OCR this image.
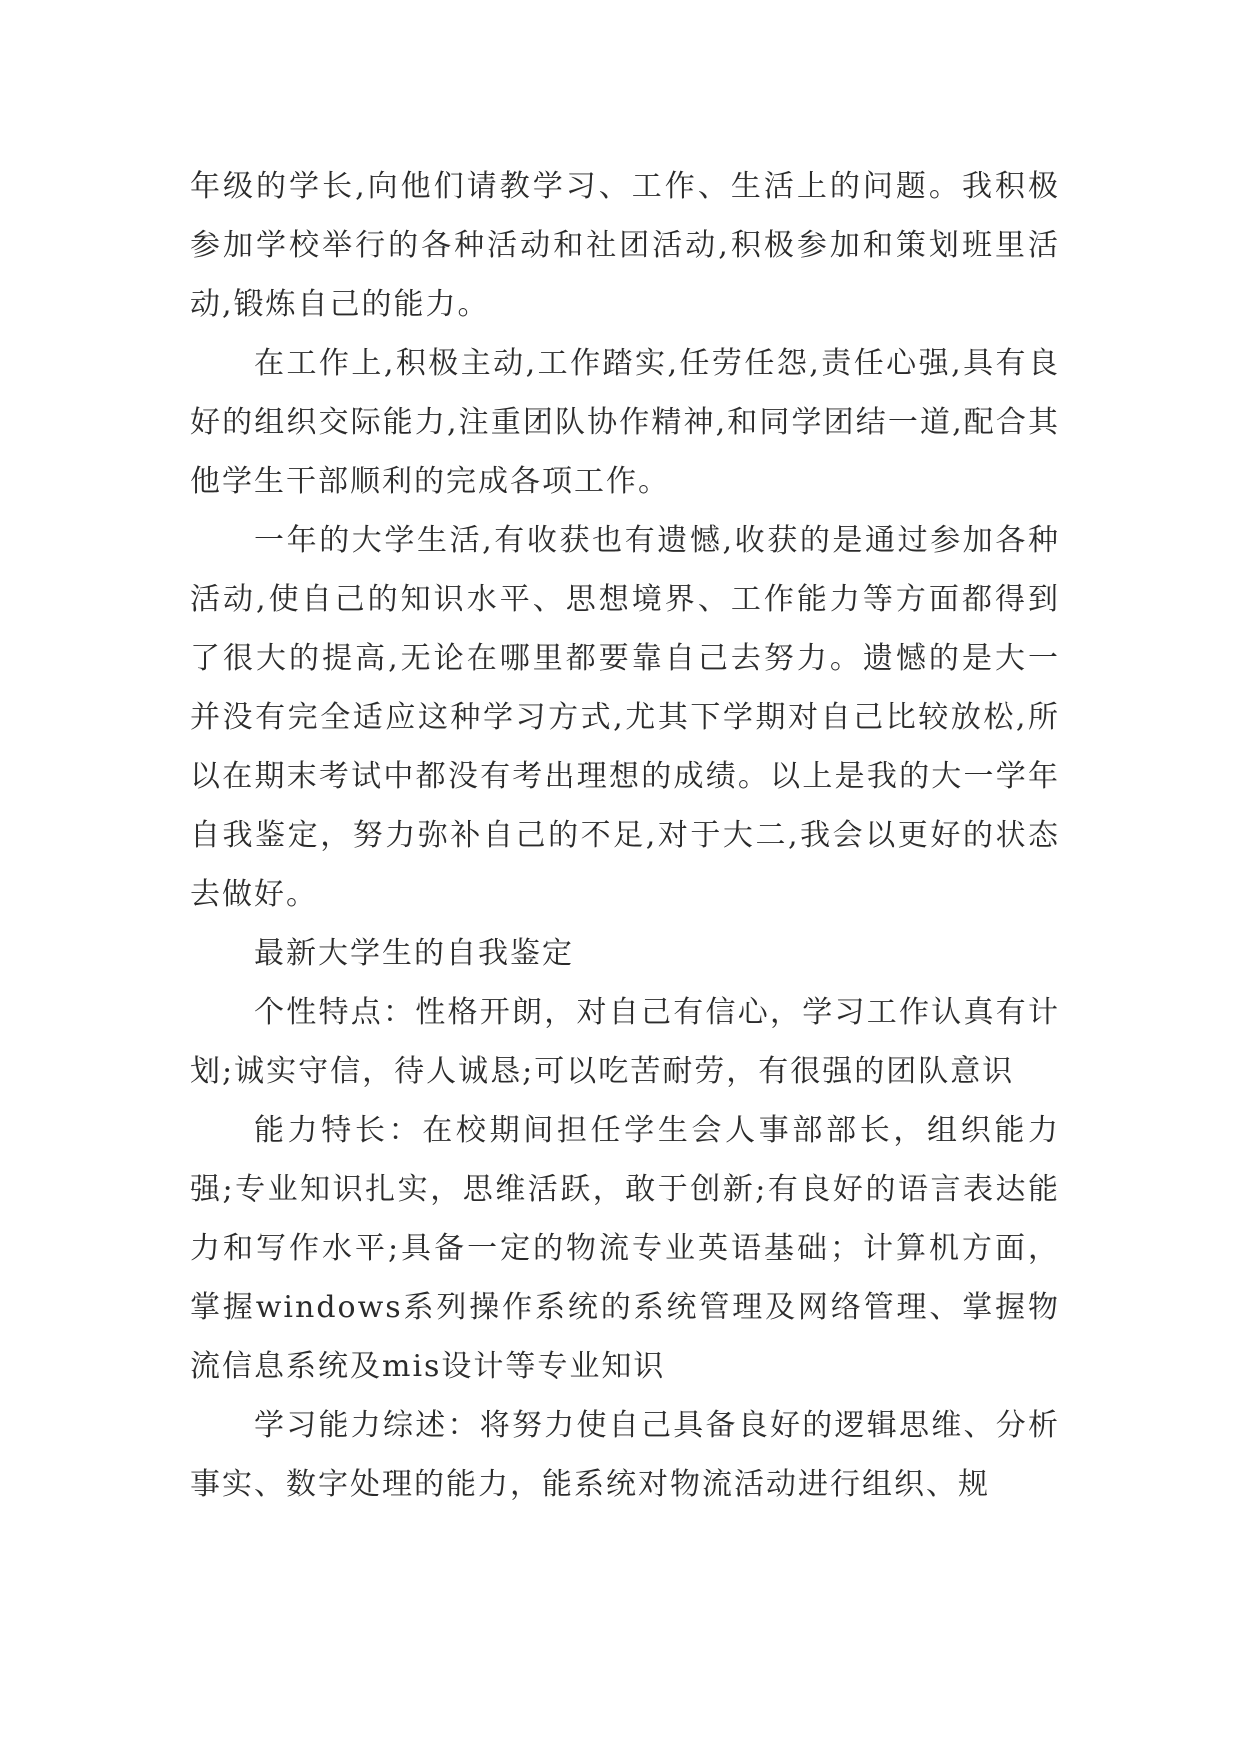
年级的学长,向他们请教学习、工作、生活上的问题。我积极参加学校举行的各种活动和社团活动,积极参加和策划班里活动,锻炼自己的能力。

在工作上,积极主动,工作踏实,任劳任怨,责任心强,具有良好的组织交际能力,注重团队协作精神,和同学团结一道,配合其他学生干部顺利的完成各项工作。

一年的大学生活,有收获也有遗憾,收获的是通过参加各种活动,使自己的知识水平、思想境界、工作能力等方面都得到了很大的提高,无论在哪里都要靠自己去努力。遗憾的是大一并没有完全适应这种学习方式,尤其下学期对自己比较放松,所以在期末考试中都没有考出理想的成绩。以上是我的大一学年自我鉴定，努力弥补自己的不足,对于大二,我会以更好的状态去做好。

最新大学生的自我鉴定

个性特点：性格开朗，对自己有信心，学习工作认真有计划;诚实守信，待人诚恳;可以吃苦耐劳，有很强的团队意识

能力特长：在校期间担任学生会人事部部长，组织能力强;专业知识扎实，思维活跃，敢于创新;有良好的语言表达能力和写作水平;具备一定的物流专业英语基础；计算机方面，掌握windows系列操作系统的系统管理及网络管理、掌握物流信息系统及mis设计等专业知识

学习能力综述：将努力使自己具备良好的逻辑思维、分析事实、数字处理的能力，能系统对物流活动进行组织、规
